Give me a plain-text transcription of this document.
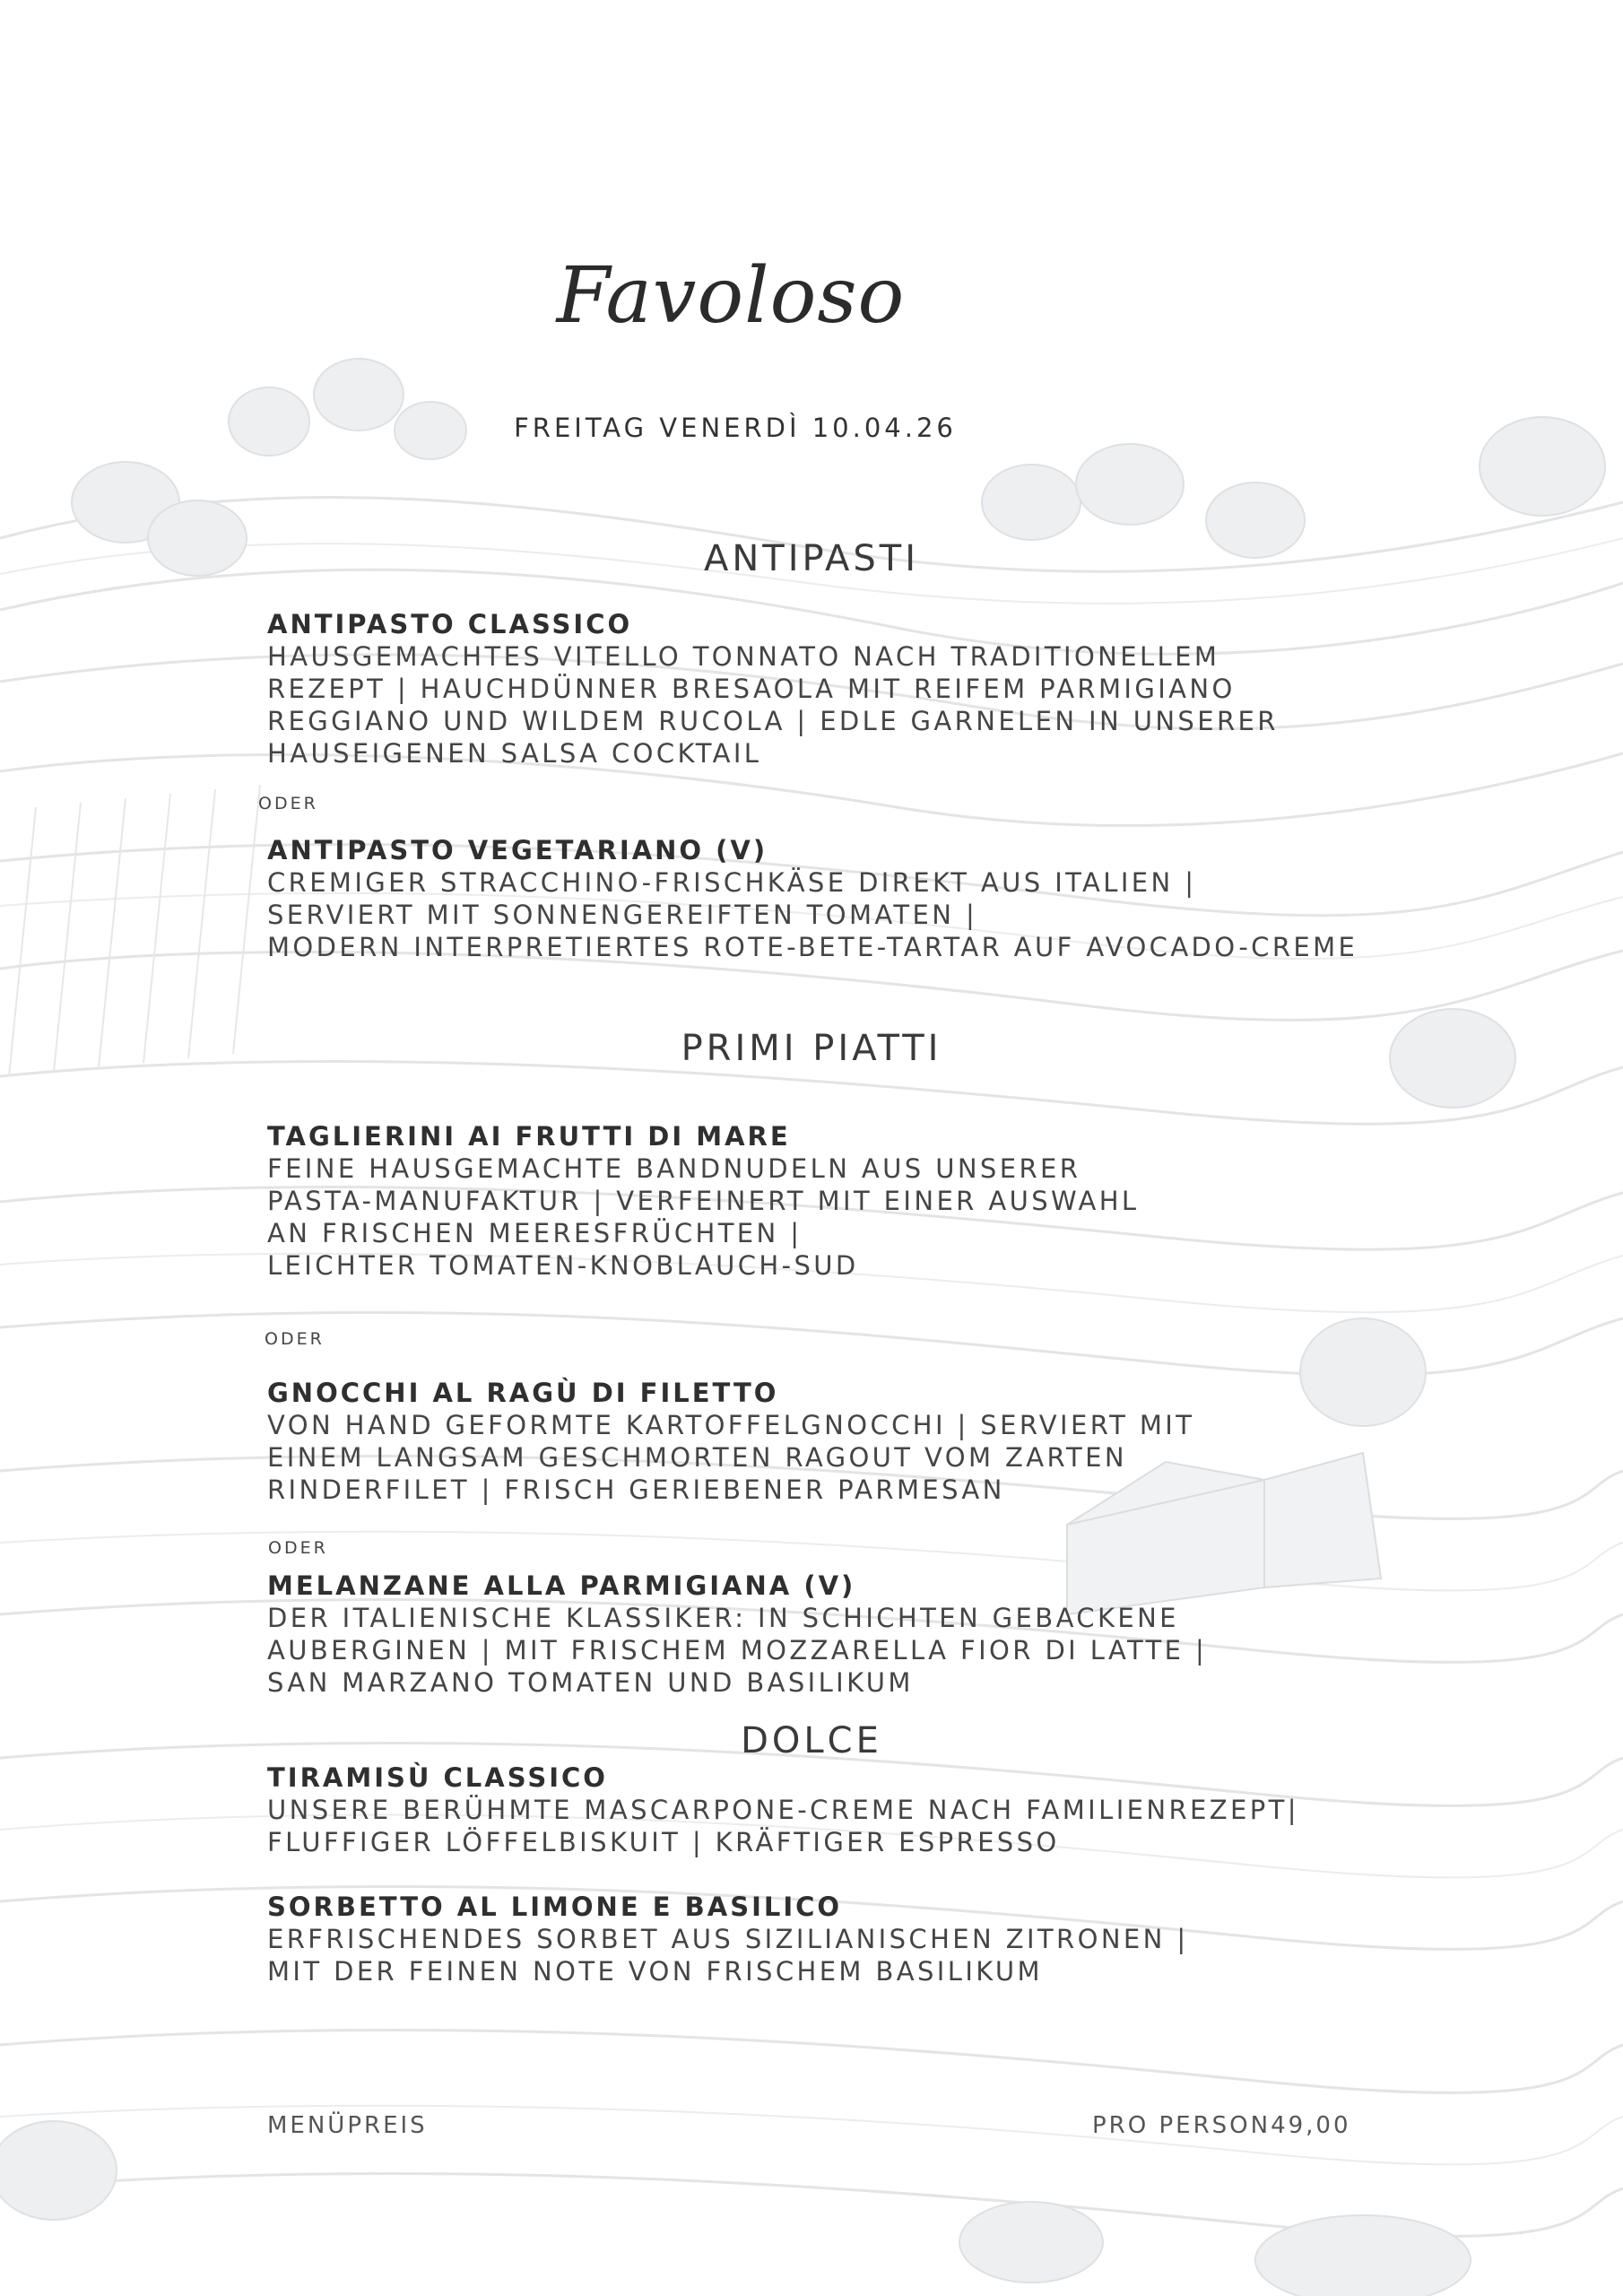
Favoloso
FREITAG VENERDÌ 10.04.26
ANTIPASTI
ANTIPASTO CLASSICO
HAUSGEMACHTES VITELLO TONNATO NACH TRADITIONELLEM
REZEPT | HAUCHDÜNNER BRESAOLA MIT REIFEM PARMIGIANO
REGGIANO UND WILDEM RUCOLA | EDLE GARNELEN IN UNSERER
HAUSEIGENEN SALSA COCKTAIL
ODER
ANTIPASTO VEGETARIANO (V)
CREMIGER STRACCHINO-FRISCHKÄSE DIREKT AUS ITALIEN |
SERVIERT MIT SONNENGEREIFTEN TOMATEN |
MODERN INTERPRETIERTES ROTE-BETE-TARTAR AUF AVOCADO-CREME
PRIMI PIATTI
TAGLIERINI AI FRUTTI DI MARE
FEINE HAUSGEMACHTE BANDNUDELN AUS UNSERER
PASTA-MANUFAKTUR | VERFEINERT MIT EINER AUSWAHL
AN FRISCHEN MEERESFRÜCHTEN |
LEICHTER TOMATEN-KNOBLAUCH-SUD
ODER
GNOCCHI AL RAGÙ DI FILETTO
VON HAND GEFORMTE KARTOFFELGNOCCHI | SERVIERT MIT
EINEM LANGSAM GESCHMORTEN RAGOUT VOM ZARTEN
RINDERFILET | FRISCH GERIEBENER PARMESAN
ODER
MELANZANE ALLA PARMIGIANA (V)
DER ITALIENISCHE KLASSIKER: IN SCHICHTEN GEBACKENE
AUBERGINEN | MIT FRISCHEM MOZZARELLA FIOR DI LATTE |
SAN MARZANO TOMATEN UND BASILIKUM
DOLCE
TIRAMISÙ CLASSICO
UNSERE BERÜHMTE MASCARPONE-CREME NACH FAMILIENREZEPT|
FLUFFIGER LÖFFELBISKUIT | KRÄFTIGER ESPRESSO
SORBETTO AL LIMONE E BASILICO
ERFRISCHENDES SORBET AUS SIZILIANISCHEN ZITRONEN |
MIT DER FEINEN NOTE VON FRISCHEM BASILIKUM
MENÜPREIS	PRO PERSON49,00
